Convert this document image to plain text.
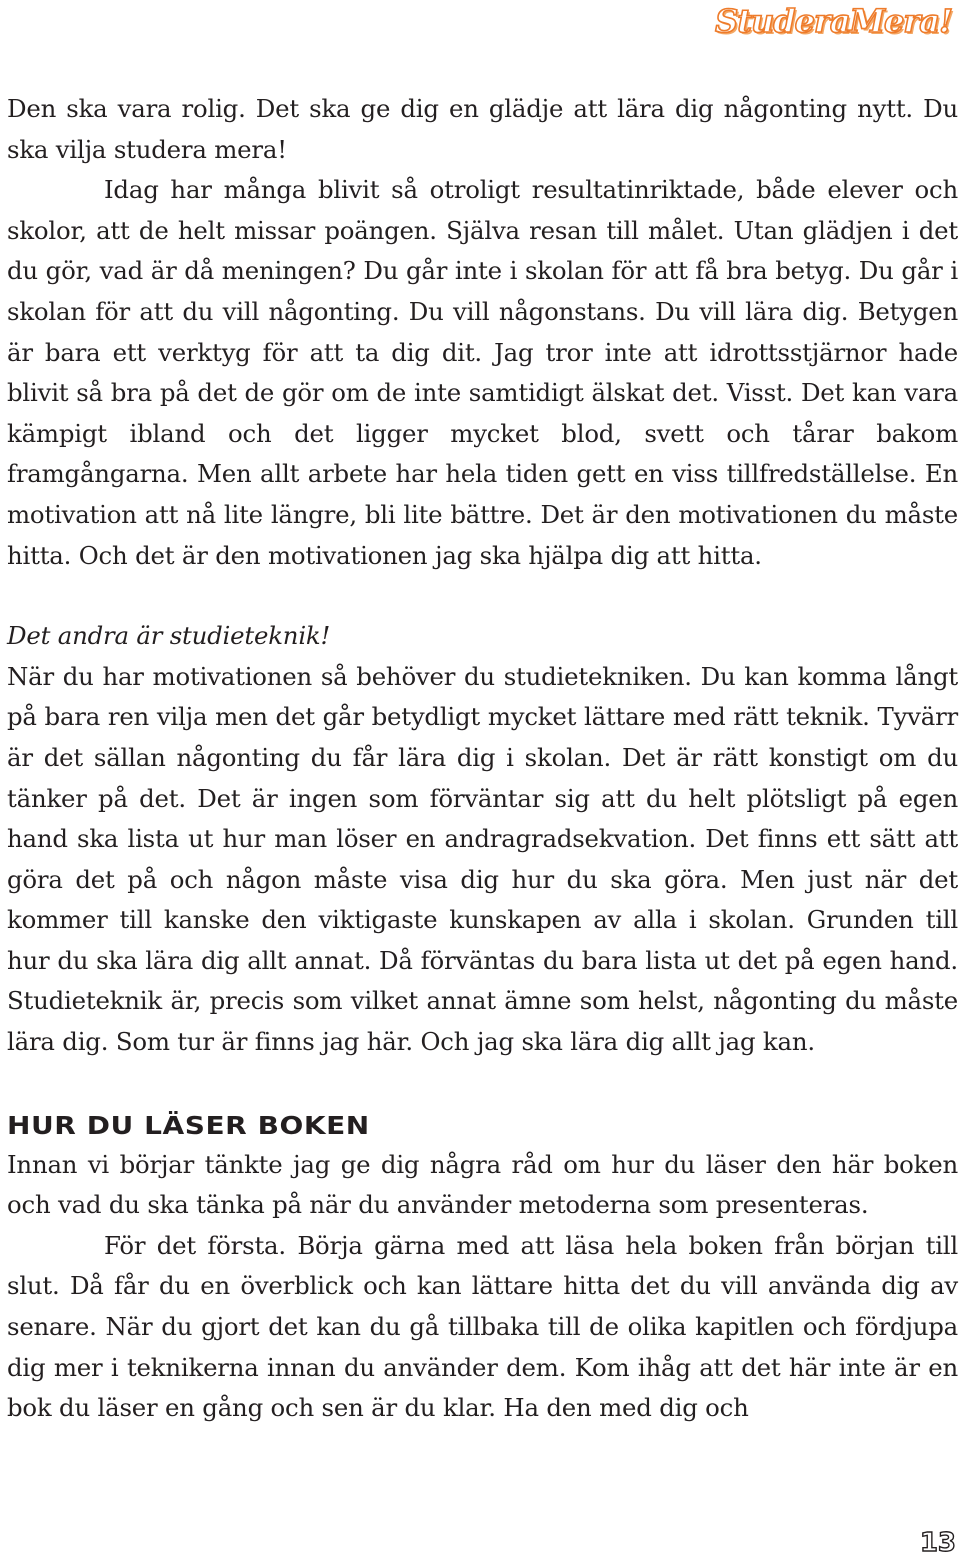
StuderaMera!

Den ska vara rolig. Det ska ge dig en glädje att lära dig någonting nytt. Du ska vilja studera mera!

Idag har många blivit så otroligt resultatinriktade, både elever och skolor, att de helt missar poängen. Själva resan till målet. Utan glädjen i det du gör, vad är då meningen? Du går inte i skolan för att få bra betyg. Du går i skolan för att du vill någonting. Du vill någonstans. Du vill lära dig. Betygen är bara ett verktyg för att ta dig dit. Jag tror inte att idrottsstjärnor hade blivit så bra på det de gör om de inte samtidigt älskat det. Visst. Det kan vara kämpigt ibland och det ligger mycket blod, svett och tårar bakom framgångarna. Men allt arbete har hela tiden gett en viss tillfredställelse. En motivation att nå lite längre, bli lite bättre. Det är den motivationen du måste hitta. Och det är den motivationen jag ska hjälpa dig att hitta.

Det andra är studieteknik!

När du har motivationen så behöver du studietekniken. Du kan komma långt på bara ren vilja men det går betydligt mycket lättare med rätt teknik. Tyvärr är det sällan någonting du får lära dig i skolan. Det är rätt konstigt om du tänker på det. Det är ingen som förväntar sig att du helt plötsligt på egen hand ska lista ut hur man löser en andragradsekvation. Det finns ett sätt att göra det på och någon måste visa dig hur du ska göra. Men just när det kommer till kanske den viktigaste kunskapen av alla i skolan. Grunden till hur du ska lära dig allt annat. Då förväntas du bara lista ut det på egen hand. Studieteknik är, precis som vilket annat ämne som helst, någonting du måste lära dig. Som tur är finns jag här. Och jag ska lära dig allt jag kan.

HUR DU LÄSER BOKEN

Innan vi börjar tänkte jag ge dig några råd om hur du läser den här boken och vad du ska tänka på när du använder metoderna som presenteras.

För det första. Börja gärna med att läsa hela boken från början till slut. Då får du en överblick och kan lättare hitta det du vill använda dig av senare. När du gjort det kan du gå tillbaka till de olika kapitlen och fördjupa dig mer i teknikerna innan du använder dem. Kom ihåg att det här inte är en bok du läser en gång och sen är du klar. Ha den med dig och

13
